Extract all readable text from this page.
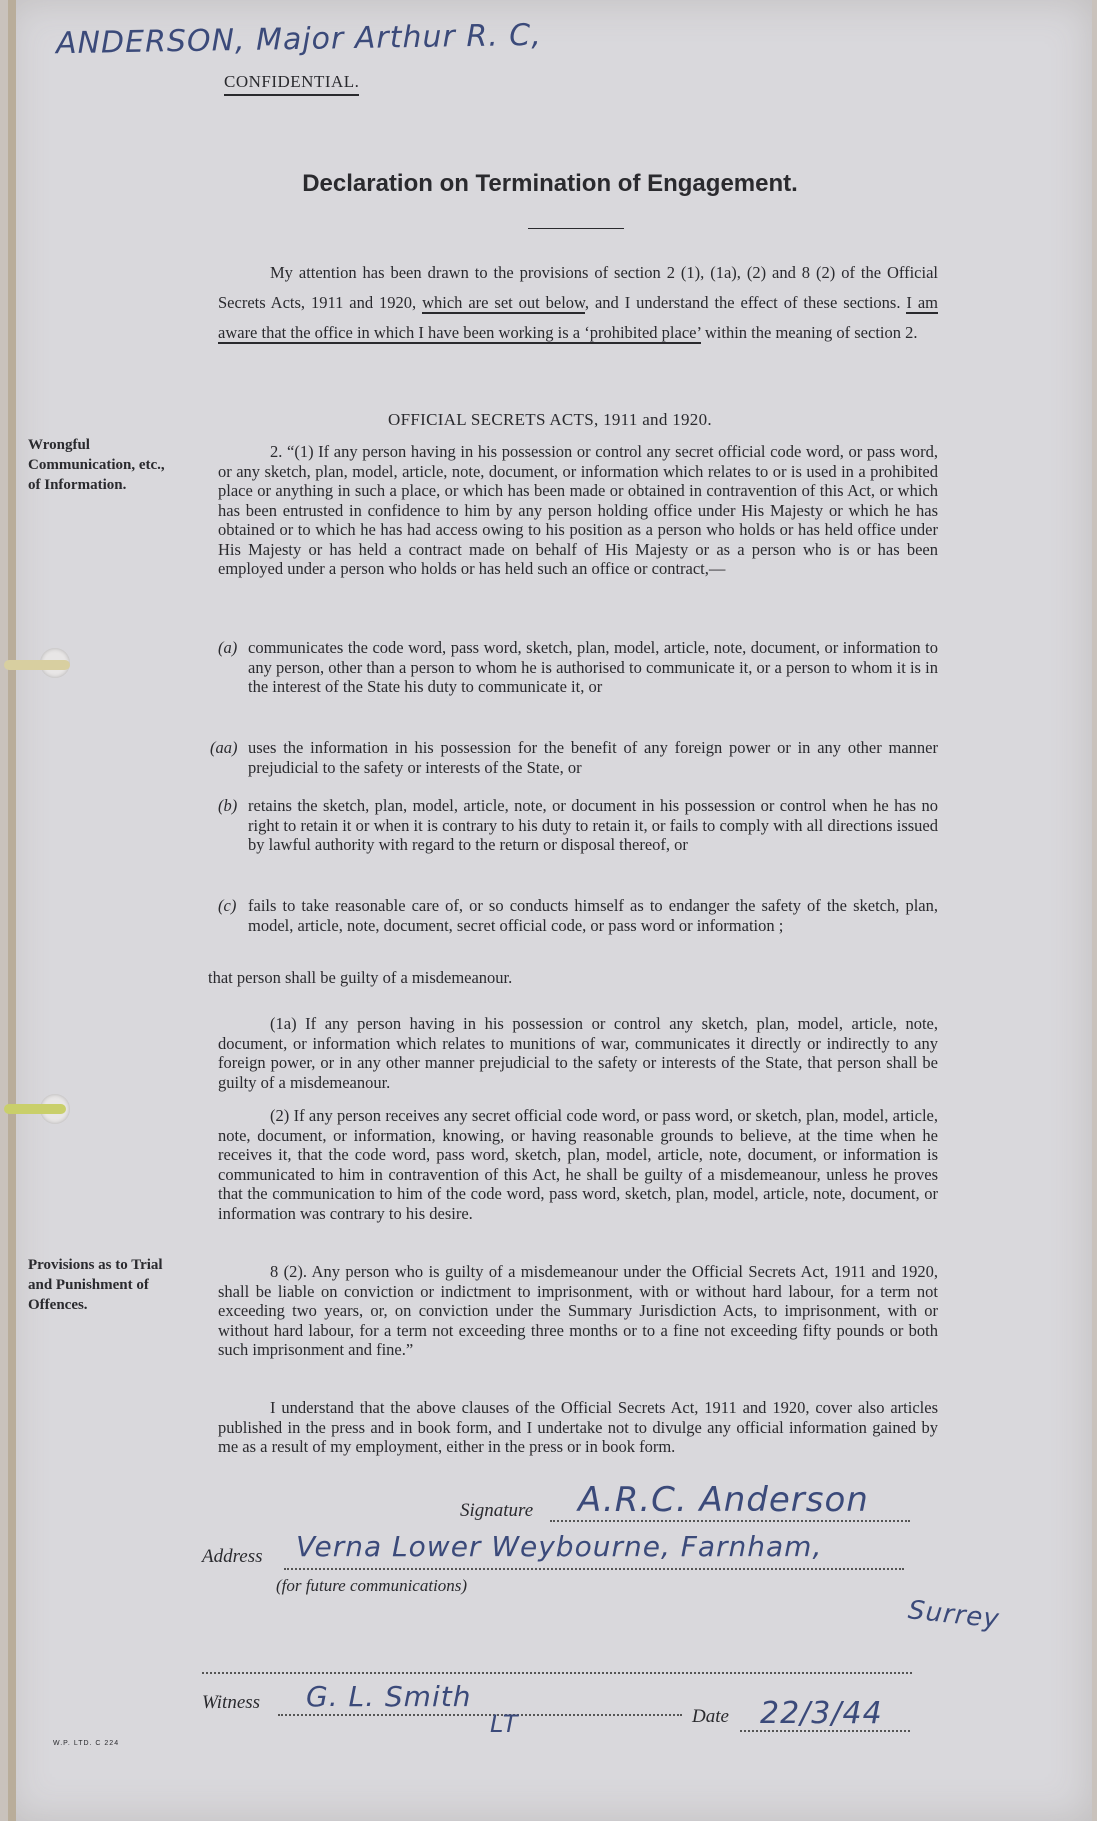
ANDERSON, Major Arthur R. C,
CONFIDENTIAL.
Declaration on Termination of Engagement.

My attention has been drawn to the provisions of section 2 (1), (1a), (2) and 8 (2) of the Official Secrets Acts, 1911 and 1920, which are set out below, and I understand the effect of these sections. I am aware that the office in which I have been working is a ‘prohibited place’ within the meaning of section 2.

OFFICIAL SECRETS ACTS, 1911 and 1920.
Wrongful Communication, etc., of Information.

2. “(1) If any person having in his possession or control any secret official code word, or pass word, or any sketch, plan, model, article, note, document, or information which relates to or is used in a prohibited place or anything in such a place, or which has been made or obtained in contravention of this Act, or which has been entrusted in confidence to him by any person holding office under His Majesty or which he has obtained or to which he has had access owing to his position as a person who holds or has held office under His Majesty or has held a contract made on behalf of His Majesty or as a person who is or has been employed under a person who holds or has held such an office or contract,—

(a) communicates the code word, pass word, sketch, plan, model, article, note, document, or information to any person, other than a person to whom he is authorised to communicate it, or a person to whom it is in the interest of the State his duty to communicate it, or
(aa) uses the information in his possession for the benefit of any foreign power or in any other manner prejudicial to the safety or interests of the State, or
(b) retains the sketch, plan, model, article, note, or document in his possession or control when he has no right to retain it or when it is contrary to his duty to retain it, or fails to comply with all directions issued by lawful authority with regard to the return or disposal thereof, or
(c) fails to take reasonable care of, or so conducts himself as to endanger the safety of the sketch, plan, model, article, note, document, secret official code, or pass word or information ;
that person shall be guilty of a misdemeanour.

(1a) If any person having in his possession or control any sketch, plan, model, article, note, document, or information which relates to munitions of war, communicates it directly or indirectly to any foreign power, or in any other manner prejudicial to the safety or interests of the State, that person shall be guilty of a misdemeanour.

(2) If any person receives any secret official code word, or pass word, or sketch, plan, model, article, note, document, or information, knowing, or having reasonable grounds to believe, at the time when he receives it, that the code word, pass word, sketch, plan, model, article, note, document, or information is communicated to him in contravention of this Act, he shall be guilty of a misdemeanour, unless he proves that the communication to him of the code word, pass word, sketch, plan, model, article, note, document, or information was contrary to his desire.

Provisions as to Trial and Punishment of Offences.

8 (2). Any person who is guilty of a misdemeanour under the Official Secrets Act, 1911 and 1920, shall be liable on conviction or indictment to imprisonment, with or without hard labour, for a term not exceeding two years, or, on conviction under the Summary Jurisdiction Acts, to imprisonment, with or without hard labour, for a term not exceeding three months or to a fine not exceeding fifty pounds or both such imprisonment and fine.”

I understand that the above clauses of the Official Secrets Act, 1911 and 1920, cover also articles published in the press and in book form, and I undertake not to divulge any official information gained by me as a result of my employment, either in the press or in book form.

Signature A.R.C. Anderson
Address
(for future communications)
Verna Lower Weybourne, Farnham,
Surrey
Witness G. L. Smith
LT	Date 22/3/44
W.P. LTD. C 224
